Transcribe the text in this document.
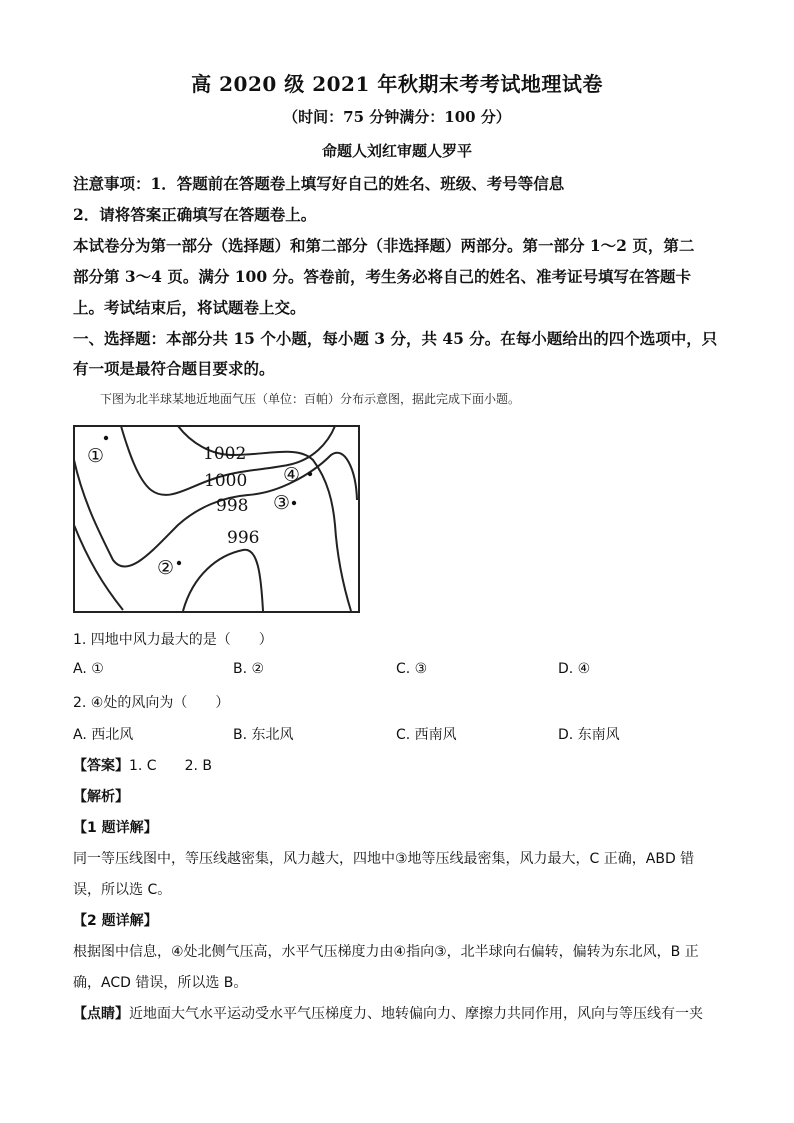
高 2020 级 2021 年秋期末考考试地理试卷
（时间：75 分钟满分：100 分）
命题人刘红审题人罗平
注意事项：1．答题前在答题卷上填写好自己的姓名、班级、考号等信息
2．请将答案正确填写在答题卷上。
本试卷分为第一部分（选择题）和第二部分（非选择题）两部分。第一部分 1～2 页，第二
部分第 3～4 页。满分 100 分。答卷前，考生务必将自己的姓名、准考证号填写在答题卡
上。考试结束后，将试题卷上交。
一、选择题：本部分共 15 个小题，每小题 3 分，共 45 分。在每小题给出的四个选项中，只
有一项是最符合题目要求的。
下图为北半球某地近地面气压（单位：百帕）分布示意图，据此完成下面小题。
1002
1000
998
996
①
④
③
②
1. 四地中风力最大的是（　　）
A. ①	B. ②	C. ③	D. ④
2. ④处的风向为（　　）
A. 西北风	B. 东北风	C. 西南风	D. 东南风
【答案】1. C　　2. B
【解析】
【1 题详解】
同一等压线图中，等压线越密集，风力越大，四地中③地等压线最密集，风力最大，C 正确，ABD 错
误，所以选 C。
【2 题详解】
根据图中信息，④处北侧气压高，水平气压梯度力由④指向③，北半球向右偏转，偏转为东北风，B 正
确，ACD 错误，所以选 B。
【点睛】近地面大气水平运动受水平气压梯度力、地转偏向力、摩擦力共同作用，风向与等压线有一夹
